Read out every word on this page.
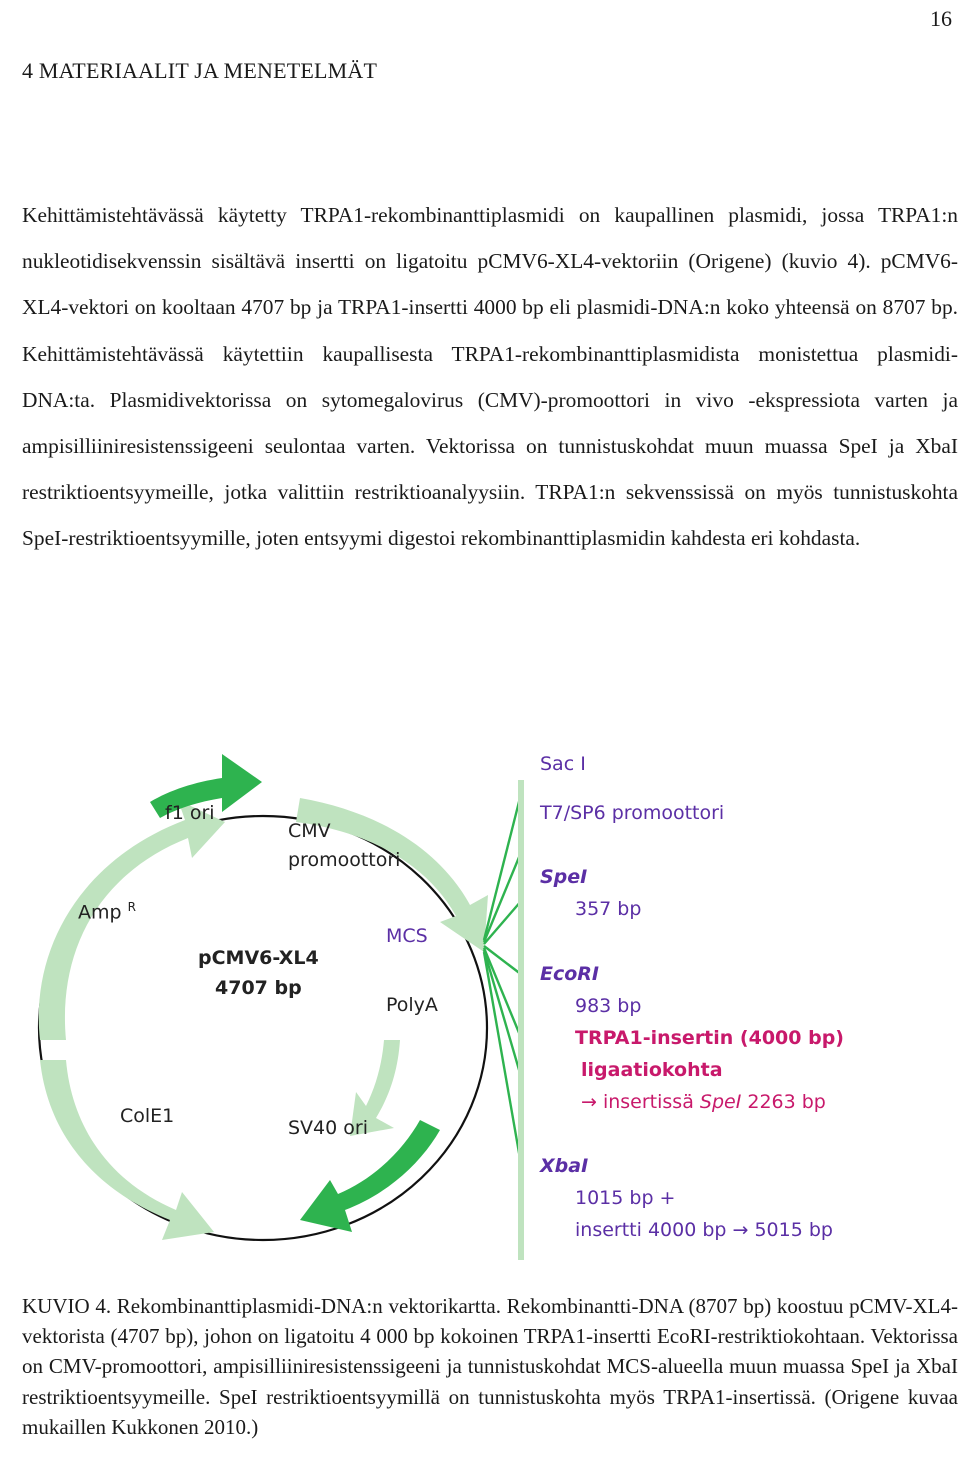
16
4 MATERIAALIT JA MENETELMÄT

Kehittämistehtävässä käytetty TRPA1-rekombinanttiplasmidi on kaupallinen plasmidi, jossa TRPA1:n nukleotidisekvenssin sisältävä insertti on ligatoitu pCMV6-XL4-vektoriin (Origene) (kuvio 4). pCMV6-XL4-vektori on kooltaan 4707 bp ja TRPA1-insertti 4000 bp eli plasmidi-DNA:n koko yhteensä on 8707 bp. Kehittämistehtävässä käytettiin kaupallisesta TRPA1-rekombinanttiplasmidista monistettua plasmidi-DNA:ta. Plasmidivektorissa on sytomegalovirus (CMV)-promoottori in vivo -ekspressiota varten ja ampisilliiniresistenssigeeni seulontaa varten. Vektorissa on tunnistuskohdat muun muassa SpeI ja XbaI restriktioentsyymeille, jotka valittiin restriktioanalyysiin. TRPA1:n sekvenssissä on myös tunnistuskohta SpeI-restriktioentsyymille, joten entsyymi digestoi rekombinanttiplasmidin kahdesta eri kohdasta.

f1 ori
CMV
promoottori
Amp $^R$
pCMV6-XL4
4707 bp
MCS
PolyA
ColE1
SV40 ori
Sac I
T7/SP6 promoottori
SpeI
357 bp
EcoRI
983 bp
TRPA1-insertin (4000 bp)
ligaatiokohta
→ insertissä SpeI 2263 bp
XbaI
1015 bp +
insertti 4000 bp → 5015 bp

KUVIO 4. Rekombinanttiplasmidi-DNA:n vektorikartta. Rekombinantti-DNA (8707 bp) koostuu pCMV-XL4-vektorista (4707 bp), johon on ligatoitu 4 000 bp kokoinen TRPA1-insertti EcoRI-restriktiokohtaan. Vektorissa on CMV-promoottori, ampisilliiniresistenssigeeni ja tunnistuskohdat MCS-alueella muun muassa SpeI ja XbaI restriktioentsyymeille. SpeI restriktioentsyymillä on tunnistuskohta myös TRPA1-insertissä. (Origene kuvaa mukaillen Kukkonen 2010.)
